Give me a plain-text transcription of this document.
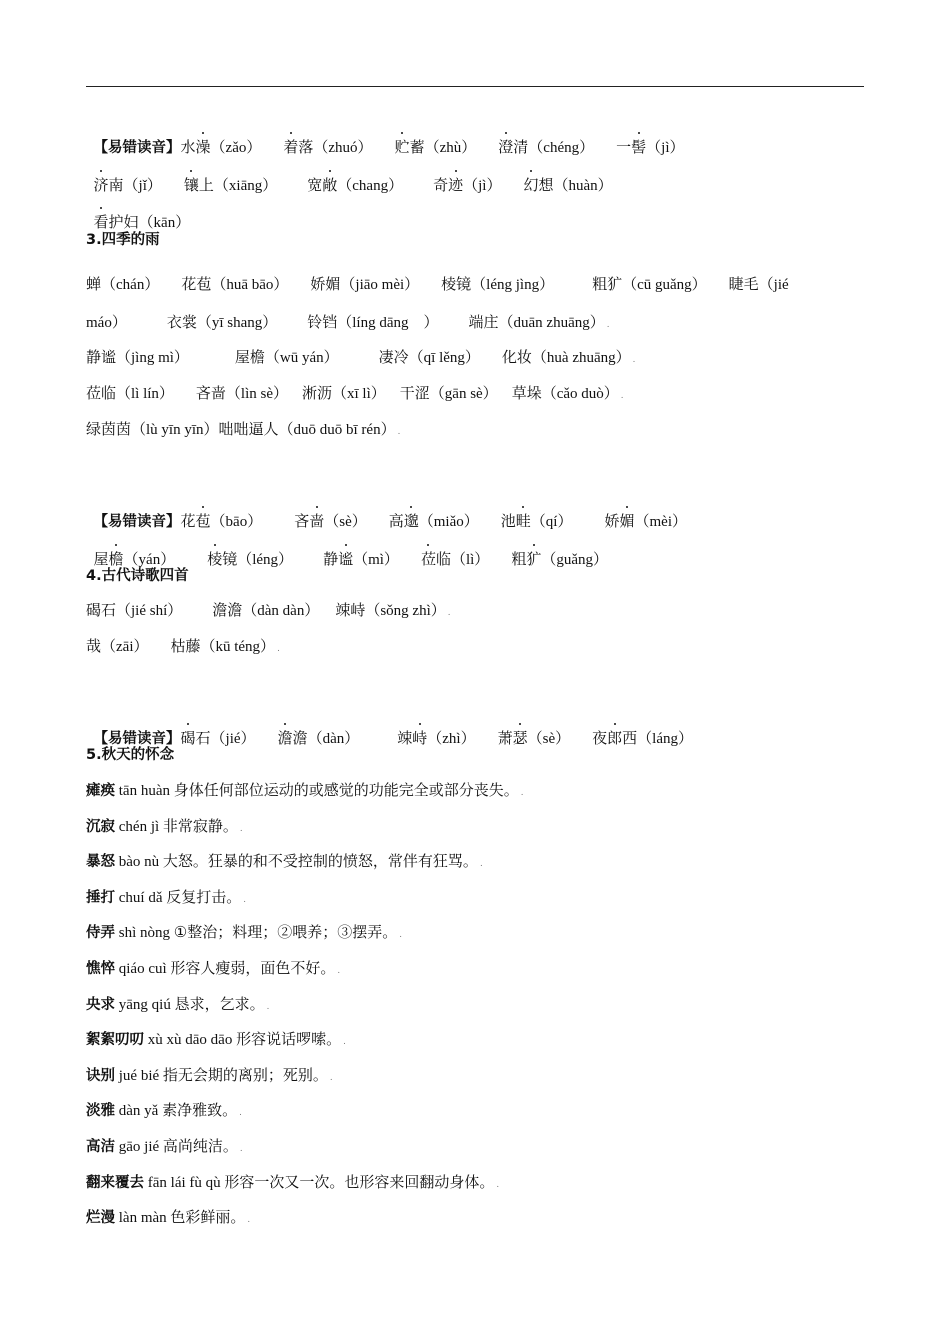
【易错读音】水澡（zǎo） 着落（zhuó） 贮蓄（zhù） 澄清（chéng） 一髻（jì）

济南（jǐ） 镶上（xiāng） 宽敞（chang） 奇迹（jì） 幻想（huàn）

看护妇（kān）

3.四季的雨
蝉（chán） 花苞（huā bāo） 娇媚（jiāo mèi） 棱镜（léng jìng）	粗犷（cū guǎng） 睫毛（jié
máo）	衣裳（yī shang） 铃铛（líng dāng　） 端庄（duān zhuāng） .
静谧（jìng mì）	屋檐（wū yán）	凄冷（qī lěng） 化妆（huà zhuāng） .
莅临（lì lín） 吝啬（lìn sè） 淅沥（xī lì） 干涩（gān sè） 草垛（cǎo duò） .
绿茵茵（lù yīn yīn）咄咄逼人（duō duō bī rén） .

【易错读音】花苞（bāo） 吝啬（sè） 高邈（miǎo） 池畦（qí） 娇媚（mèi）

屋檐（yán） 棱镜（léng） 静谧（mì） 莅临（lì） 粗犷（guǎng）

4.古代诗歌四首
碣石（jié shí） 澹澹（dàn dàn） 竦峙（sǒng zhì） .
哉（zāi） 枯藤（kū téng） .

【易错读音】碣石（jié） 澹澹（dàn）	竦峙（zhì） 萧瑟（sè） 夜郎西（láng）

5.秋天的怀念
瘫痪 tān huàn 身体任何部位运动的或感觉的功能完全或部分丧失。 .
沉寂 chén jì 非常寂静。 .
暴怒 bào nù 大怒。狂暴的和不受控制的愤怒，常伴有狂骂。 .
捶打 chuí dǎ 反复打击。 .
侍弄 shì nòng ①整治；料理；②喂养；③摆弄。 .
憔悴 qiáo cuì 形容人瘦弱，面色不好。 .
央求 yāng qiú 恳求，乞求。 .
絮絮叨叨 xù xù dāo dāo 形容说话啰嗦。 .
诀别 jué bié 指无会期的离别；死别。 .
淡雅 dàn yǎ 素净雅致。 .
高洁 gāo jié 高尚纯洁。 .
翻来覆去 fān lái fù qù 形容一次又一次。也形容来回翻动身体。 .
烂漫 làn màn 色彩鲜丽。 .
